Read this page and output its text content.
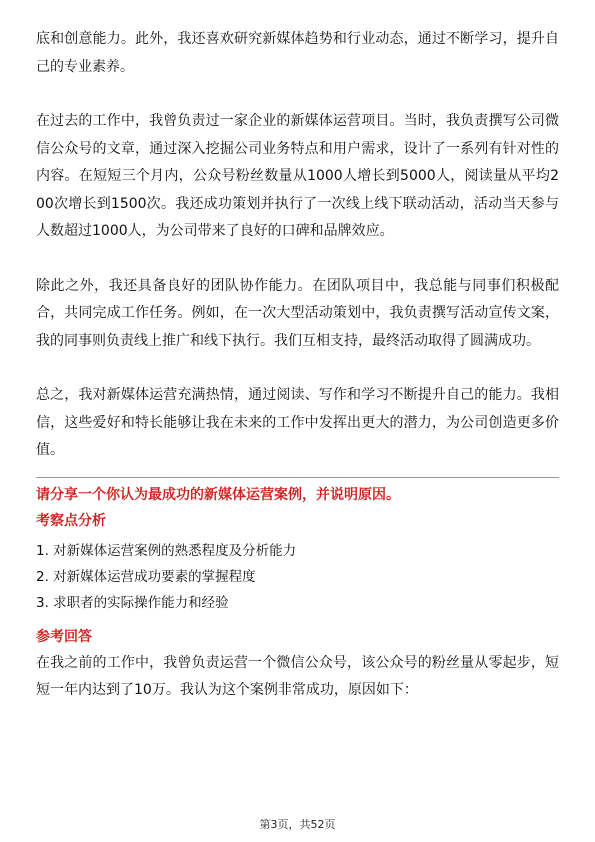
底和创意能力。此外，我还喜欢研究新媒体趋势和行业动态，通过不断学习，提升自己的专业素养。

在过去的工作中，我曾负责过一家企业的新媒体运营项目。当时，我负责撰写公司微信公众号的文章，通过深入挖掘公司业务特点和用户需求，设计了一系列有针对性的内容。在短短三个月内，公众号粉丝数量从1000人增长到5000人，阅读量从平均200次增长到1500次。我还成功策划并执行了一次线上线下联动活动，活动当天参与人数超过1000人，为公司带来了良好的口碑和品牌效应。

除此之外，我还具备良好的团队协作能力。在团队项目中，我总能与同事们积极配合，共同完成工作任务。例如，在一次大型活动策划中，我负责撰写活动宣传文案，我的同事则负责线上推广和线下执行。我们互相支持，最终活动取得了圆满成功。

总之，我对新媒体运营充满热情，通过阅读、写作和学习不断提升自己的能力。我相信，这些爱好和特长能够让我在未来的工作中发挥出更大的潜力，为公司创造更多价值。

请分享一个你认为最成功的新媒体运营案例，并说明原因。

考察点分析

1. 对新媒体运营案例的熟悉程度及分析能力
2. 对新媒体运营成功要素的掌握程度
3. 求职者的实际操作能力和经验

参考回答

在我之前的工作中，我曾负责运营一个微信公众号，该公众号的粉丝量从零起步，短短一年内达到了10万。我认为这个案例非常成功，原因如下：

第3页，共52页
